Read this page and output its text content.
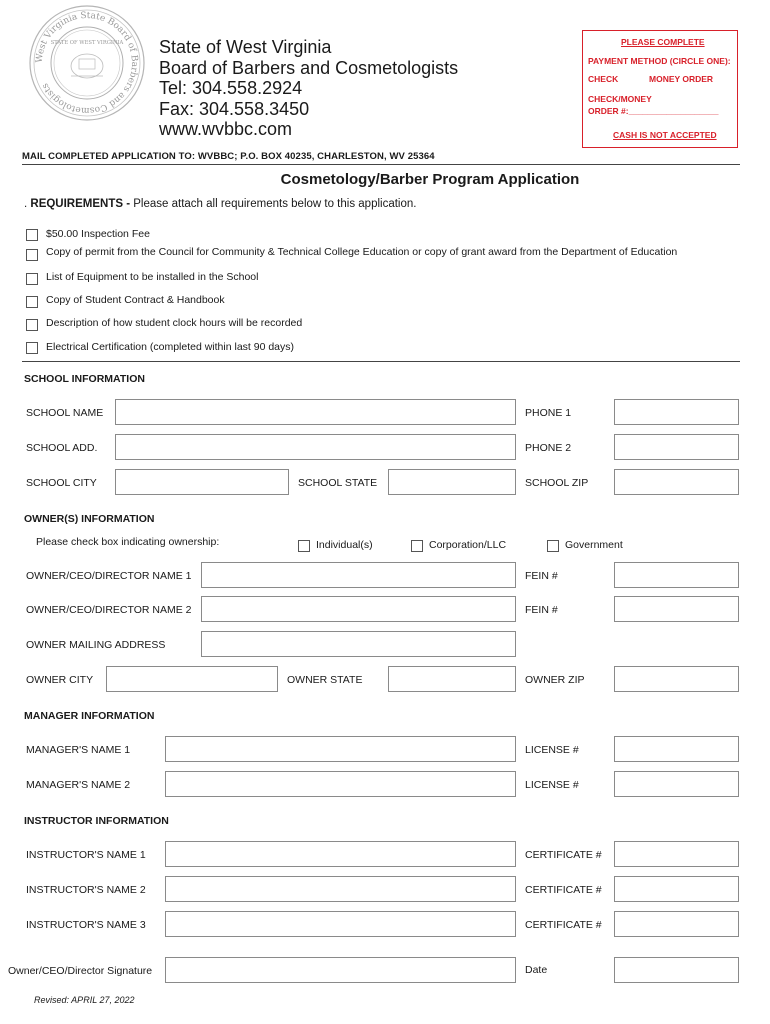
West Virginia State Board of Barbers and Cosmetologists
STATE OF WEST VIRGINIA State of West Virginia
Board of Barbers and Cosmetologists
Tel: 304.558.2924
Fax: 304.558.3450
www.wvbbc.com
PLEASE COMPLETE
PAYMENT METHOD (CIRCLE ONE):
CHECK	MONEY ORDER
CHECK/MONEY
ORDER #:___________________
CASH IS NOT ACCEPTED
MAIL COMPLETED APPLICATION TO: WVBBC; P.O. BOX 40235, CHARLESTON, WV 25364
Cosmetology/Barber Program Application
. REQUIREMENTS - Please attach all requirements below to this application.
$50.00 Inspection Fee
Copy of permit from the Council for Community & Technical College Education or copy of grant award from the Department of Education
List of Equipment to be installed in the School
Copy of Student Contract & Handbook
Description of how student clock hours will be recorded
Electrical Certification (completed within last 90 days)
SCHOOL INFORMATION
SCHOOL NAME	PHONE 1
SCHOOL ADD.	PHONE 2
SCHOOL CITY	SCHOOL STATE	SCHOOL ZIP
OWNER(S) INFORMATION
Please check box indicating ownership:	Individual(s)	Corporation/LLC	Government
OWNER/CEO/DIRECTOR NAME 1	FEIN #
OWNER/CEO/DIRECTOR NAME 2	FEIN #
OWNER MAILING ADDRESS
OWNER CITY	OWNER STATE	OWNER ZIP
MANAGER INFORMATION
MANAGER'S NAME 1	LICENSE #
MANAGER'S NAME 2	LICENSE #
INSTRUCTOR INFORMATION
INSTRUCTOR'S NAME 1	CERTIFICATE #
INSTRUCTOR'S NAME 2	CERTIFICATE #
INSTRUCTOR'S NAME 3	CERTIFICATE #
Owner/CEO/Director Signature	Date
Revised: APRIL 27, 2022
